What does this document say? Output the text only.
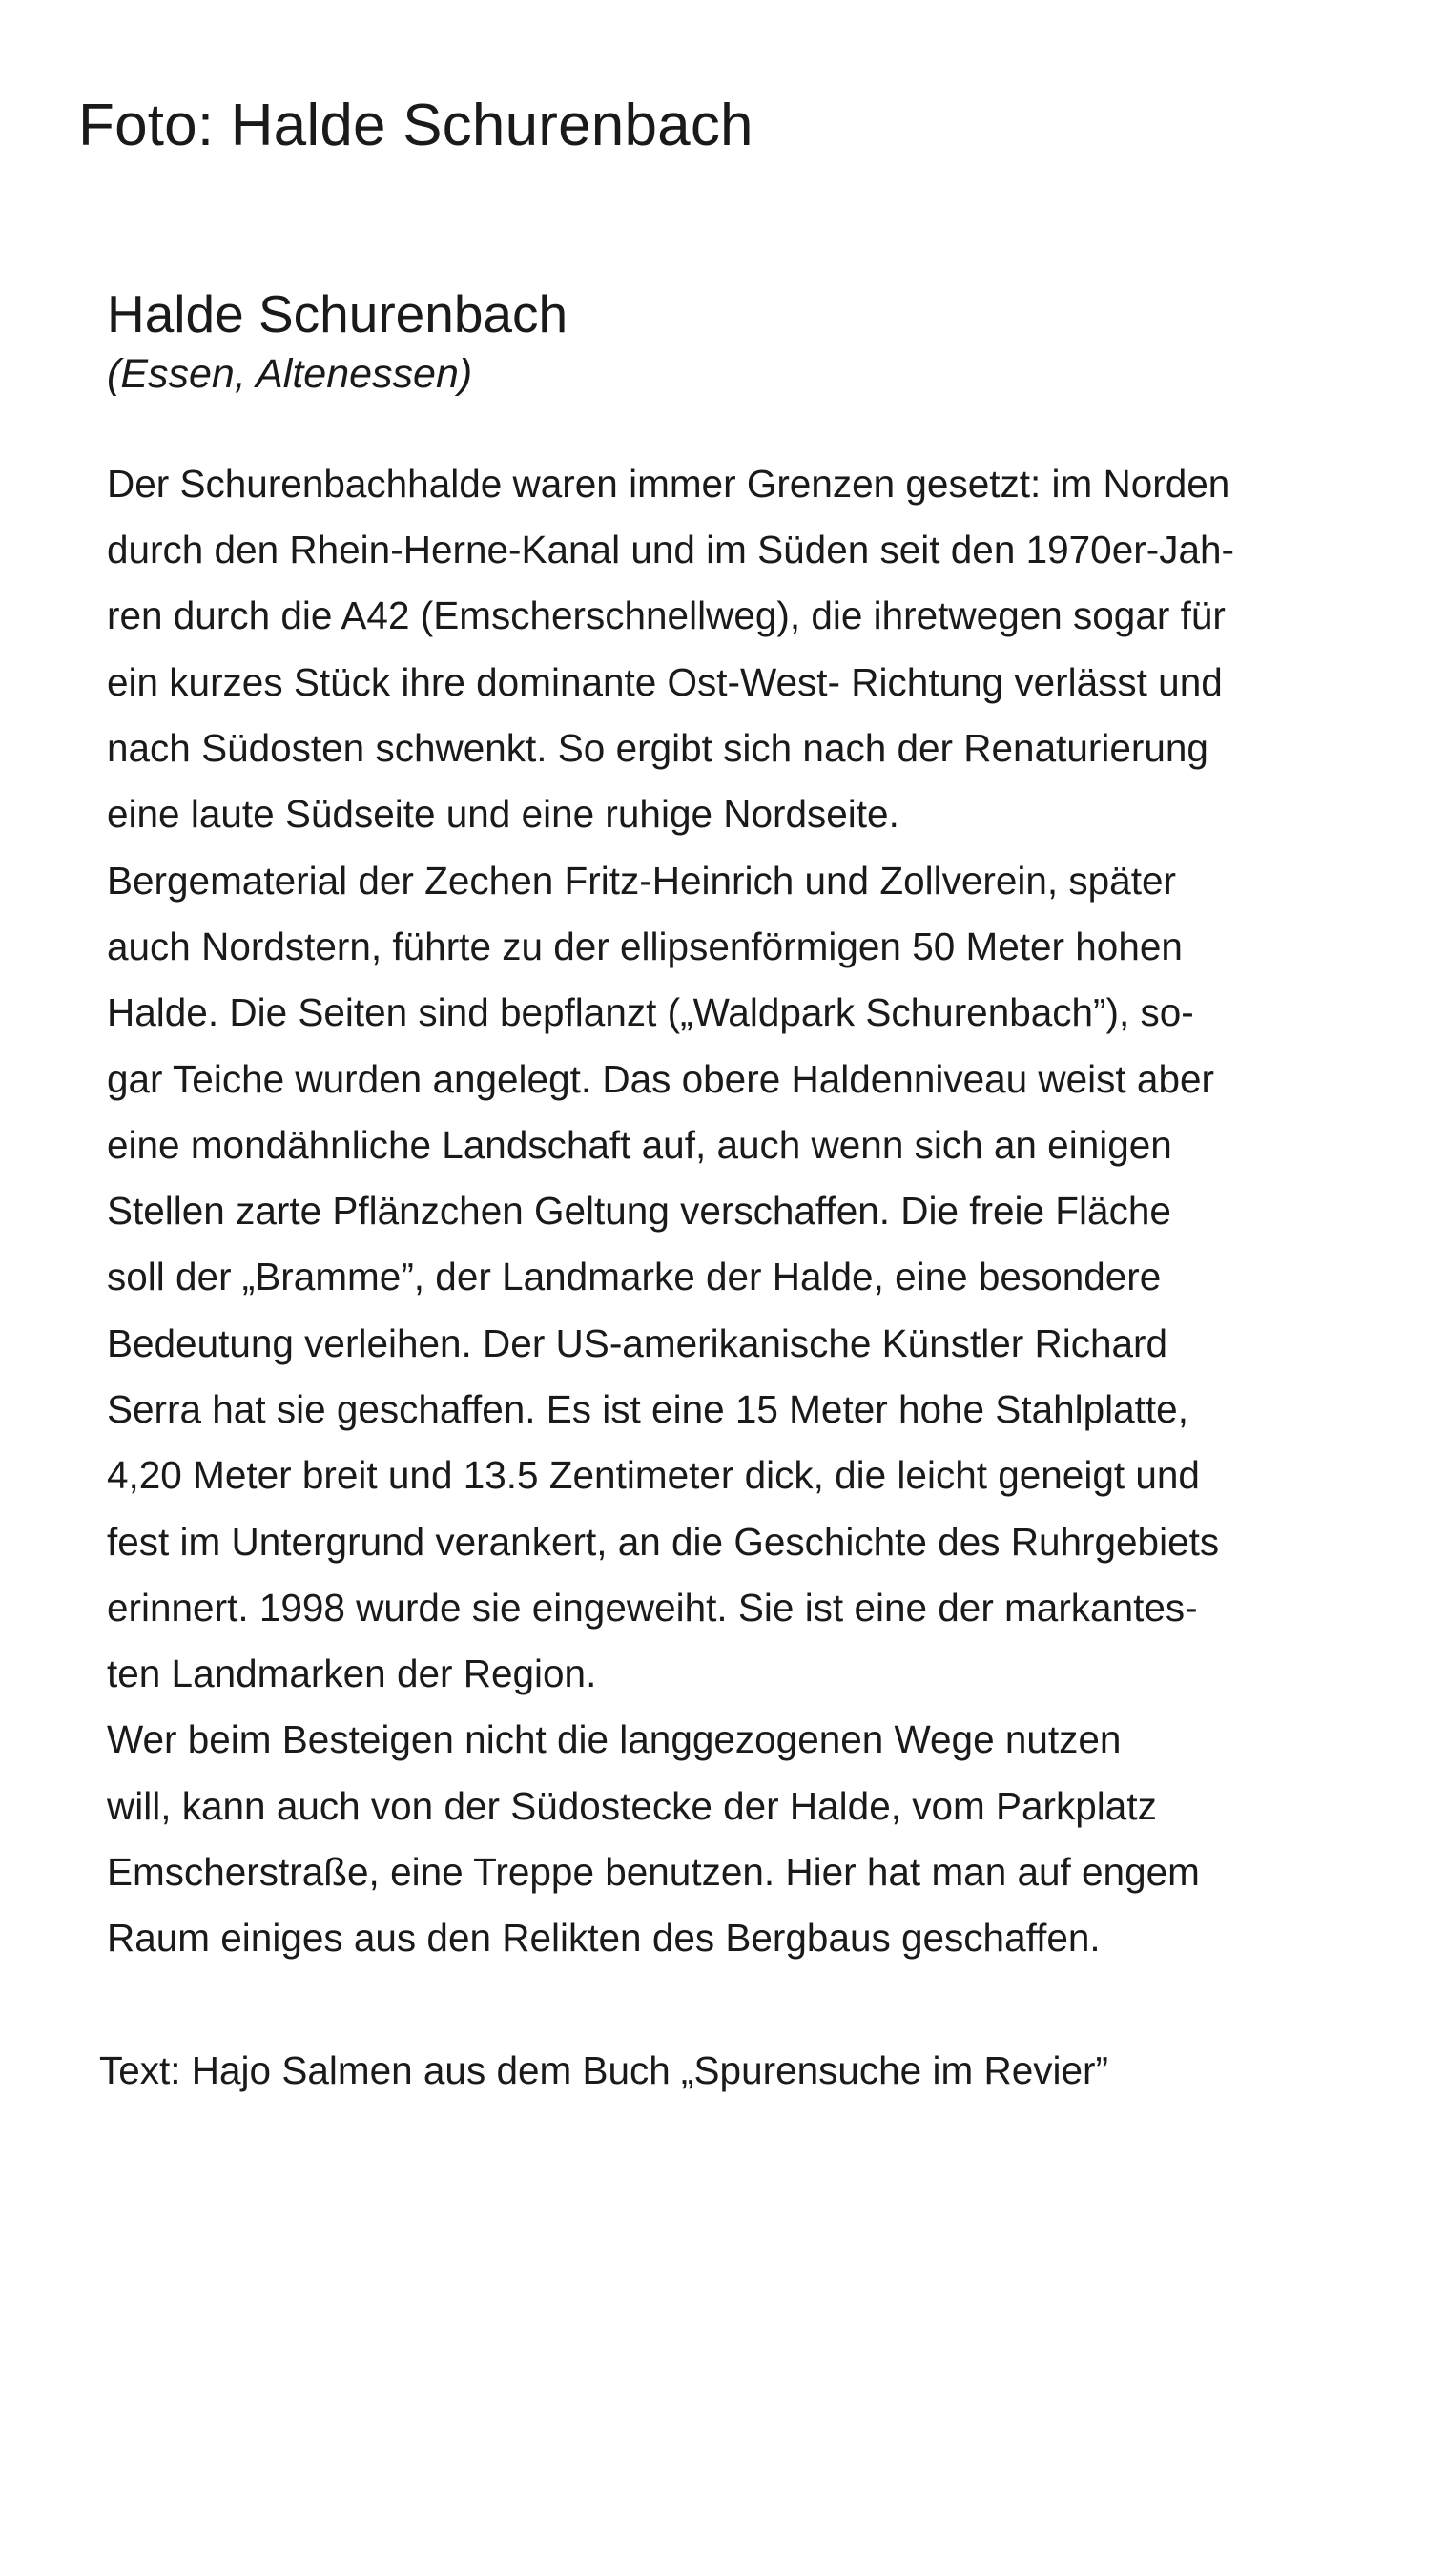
Foto: Halde Schurenbach
Halde Schurenbach

(Essen, Altenessen)

Der Schurenbachhalde waren immer Grenzen gesetzt: im Norden
durch den Rhein-Herne-Kanal und im Süden seit den 1970er-Jah-
ren durch die A42 (Emscherschnellweg), die ihretwegen sogar für
ein kurzes Stück ihre dominante Ost-West- Richtung verlässt und
nach Südosten schwenkt. So ergibt sich nach der Renaturierung
eine laute Südseite und eine ruhige Nordseite.
Bergematerial der Zechen Fritz-Heinrich und Zollverein, später
auch Nordstern, führte zu der ellipsenförmigen 50 Meter hohen
Halde. Die Seiten sind bepflanzt („Waldpark Schurenbach”), so-
gar Teiche wurden angelegt. Das obere Haldenniveau weist aber
eine mondähnliche Landschaft auf, auch wenn sich an einigen
Stellen zarte Pflänzchen Geltung verschaffen. Die freie Fläche
soll der „Bramme”, der Landmarke der Halde, eine besondere
Bedeutung verleihen. Der US-amerikanische Künstler Richard
Serra hat sie geschaffen. Es ist eine 15 Meter hohe Stahlplatte,
4,20 Meter breit und 13.5 Zentimeter dick, die leicht geneigt und
fest im Untergrund verankert, an die Geschichte des Ruhrgebiets
erinnert. 1998 wurde sie eingeweiht. Sie ist eine der markantes-
ten Landmarken der Region.
Wer beim Besteigen nicht die langgezogenen Wege nutzen
will, kann auch von der Südostecke der Halde, vom Parkplatz
Emscherstraße, eine Treppe benutzen. Hier hat man auf engem
Raum einiges aus den Relikten des Bergbaus geschaffen.

Text: Hajo Salmen aus dem Buch „Spurensuche im Revier”
